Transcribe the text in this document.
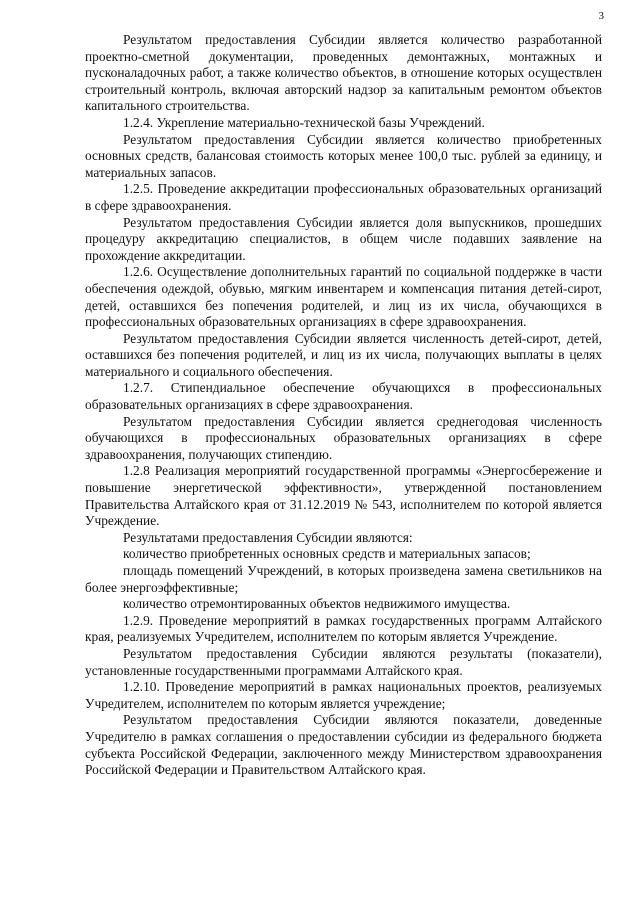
3

Результатом предоставления Субсидии является количество разработанной проектно-сметной документации, проведенных демонтажных, монтажных и пусконаладочных работ, а также количество объектов, в отношение которых осуществлен строительный контроль, включая авторский надзор за капитальным ремонтом объектов капитального строительства.

1.2.4. Укрепление материально-технической базы Учреждений.

Результатом предоставления Субсидии является количество приобретенных основных средств, балансовая стоимость которых менее 100,0 тыс. рублей за единицу, и материальных запасов.

1.2.5. Проведение аккредитации профессиональных образовательных организаций в сфере здравоохранения.

Результатом предоставления Субсидии является доля выпускников, прошедших процедуру аккредитацию специалистов, в общем числе подавших заявление на прохождение аккредитации.

1.2.6. Осуществление дополнительных гарантий по социальной поддержке в части обеспечения одеждой, обувью, мягким инвентарем и компенсация питания детей-сирот, детей, оставшихся без попечения родителей, и лиц из их числа, обучающихся в профессиональных образовательных организациях в сфере здравоохранения.

Результатом предоставления Субсидии является численность детей-сирот, детей, оставшихся без попечения родителей, и лиц из их числа, получающих выплаты в целях материального и социального обеспечения.

1.2.7. Стипендиальное обеспечение обучающихся в профессиональных образовательных организациях в сфере здравоохранения.

Результатом предоставления Субсидии является среднегодовая численность обучающихся в профессиональных образовательных организациях в сфере здравоохранения, получающих стипендию.

1.2.8 Реализация мероприятий государственной программы «Энергосбережение и повышение энергетической эффективности», утвержденной постановлением Правительства Алтайского края от 31.12.2019 № 543, исполнителем по которой является Учреждение.

Результатами предоставления Субсидии являются:

количество приобретенных основных средств и материальных запасов;

площадь помещений Учреждений, в которых произведена замена светильников на более энергоэффективные;

количество отремонтированных объектов недвижимого имущества.

1.2.9. Проведение мероприятий в рамках государственных программ Алтайского края, реализуемых Учредителем, исполнителем по которым является Учреждение.

Результатом предоставления Субсидии являются результаты (показатели), установленные государственными программами Алтайского края.

1.2.10. Проведение мероприятий в рамках национальных проектов, реализуемых Учредителем, исполнителем по которым является учреждение;

Результатом предоставления Субсидии являются показатели, доведенные Учредителю в рамках соглашения о предоставлении субсидии из федерального бюджета субъекта Российской Федерации, заключенного между Министерством здравоохранения Российской Федерации и Правительством Алтайского края.
